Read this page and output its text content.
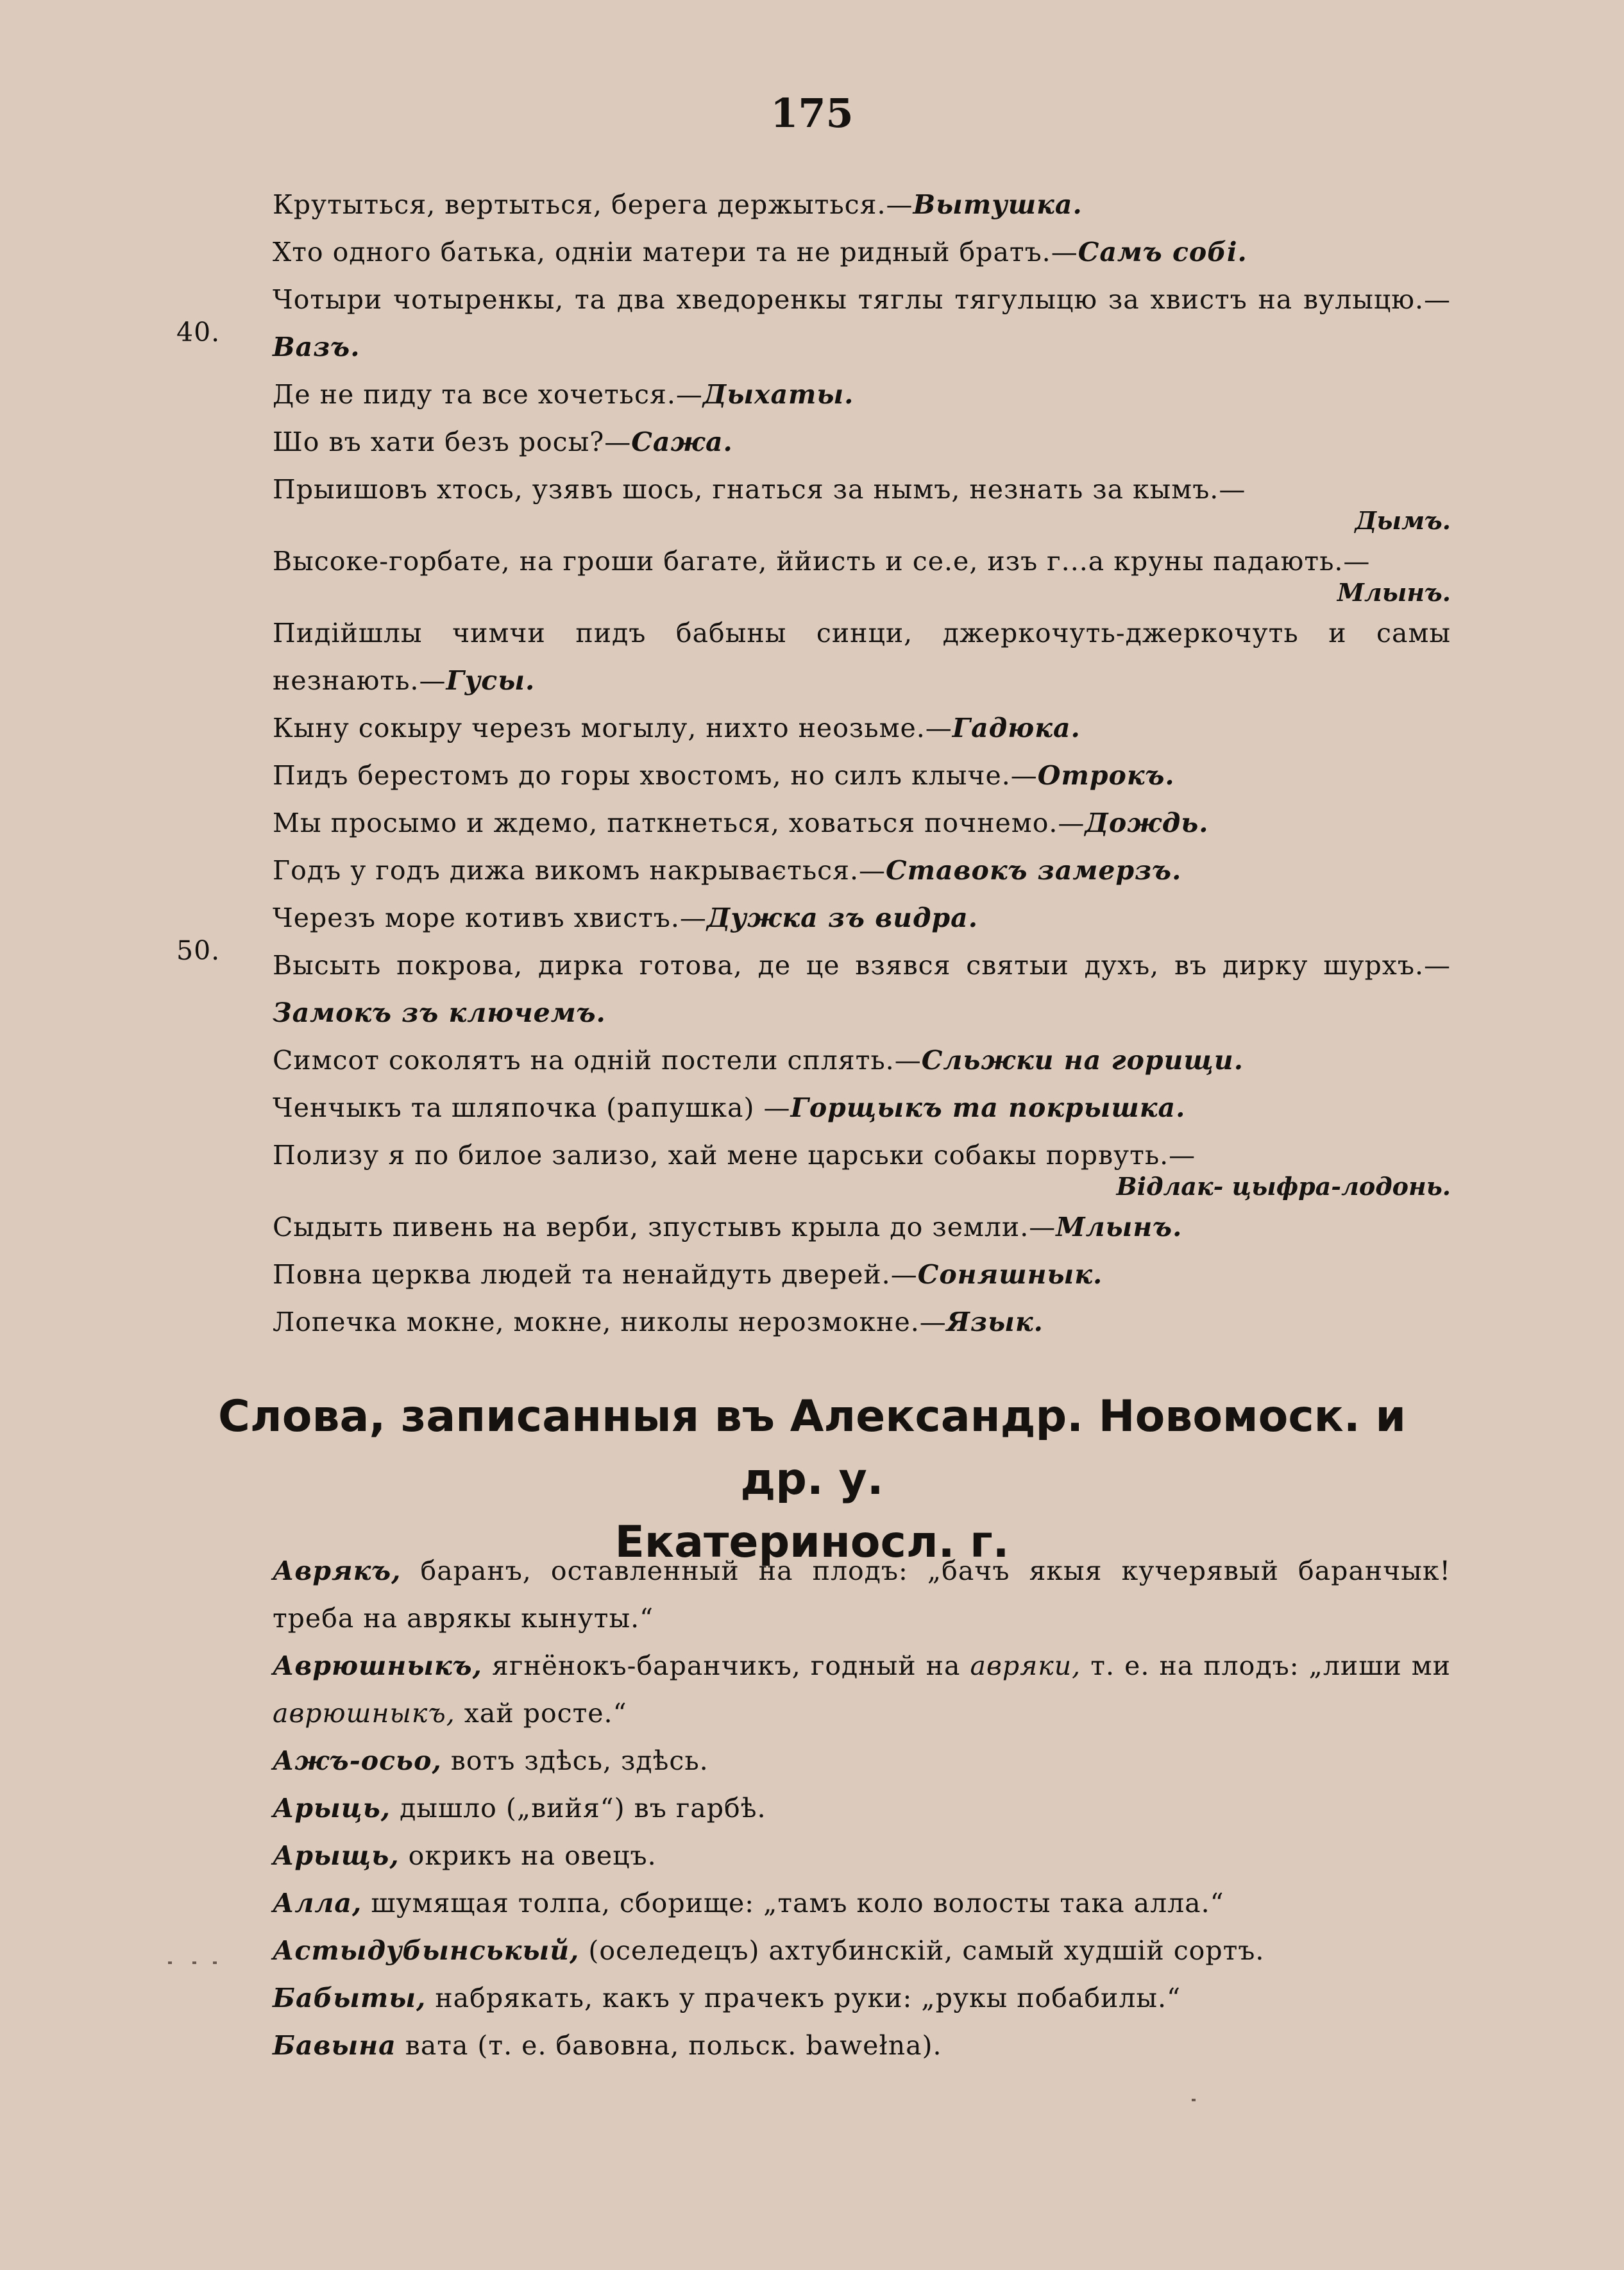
175
Крутыться, вертыться, берега держыться.—Вытушка.
Хто одного батька, одніи матери та не ридный братъ.—Самъ собі.
40.
Чотыри чотыренкы, та два хведоренкы тяглы тягулыцю за хвистъ на вулыцю.—Вазъ.
Де не пиду та все хочеться.—Дыхаты.
Шо въ хати безъ росы?—Сажа.
Прыишовъ хтось, узявъ шось, гнаться за нымъ, незнать за кымъ.—
Дымъ.
Высоке-горбате, на гроши багате, ййисть и се.е, изъ г...а круны падають.—
Млынъ.
Пидійшлы чимчи пидъ бабыны синци, джеркочуть-джеркочуть и самы незнають.—Гусы.
Кыну сокыру черезъ могылу, нихто неозьме.—Гадюка.
Пидъ берестомъ до горы хвостомъ, но силъ клыче.—Отрокъ.
Мы просымо и ждемо, паткнеться, ховаться почнемо.—Дождь.
Годъ у годъ дижа викомъ накрывається.—Ставокъ замерзъ.
50.
Черезъ море котивъ хвистъ.—Дужка зъ видра.
Высыть покрова, дирка готова, де це взявся святыи духъ, въ дирку шурхъ.—Замокъ зъ ключемъ.
Симсот соколятъ на одній постели сплять.—Сльжки на горищи.
Ченчыкъ та шляпочка (рапушка) —Горщыкъ та покрышка.
Полизу я по билое зализо, хай мене царськи собакы порвуть.—
Відлак- цыфра-лодонь.
Сыдыть пивень на верби, зпустывъ крыла до земли.—Млынъ.
Повна церква людей та ненайдуть дверей.—Соняшнык.
Лопечка мокне, мокне, николы нерозмокне.—Язык.
Слова, записанныя въ Александр. Новомоск. и др. у.
Екатериносл. г.
Аврякъ, баранъ, оставленный на плодъ: „бачъ якыя кучерявый баранчык! треба на аврякы кынуты.“
Аврюшныкъ, ягнёнокъ-баранчикъ, годный на авряки, т. е. на плодъ: „лиши ми аврюшныкъ, хай росте.“
Ажъ-осьо, вотъ здѣсь, здѣсь.
Арыць, дышло („вийя“) въ гарбѣ.
Арыщь, окрикъ на овецъ.
Алла, шумящая толпа, сборище: „тамъ коло волосты така алла.“
Астыдубынськый, (оселедецъ) ахтубинскій, самый худшій сортъ.
Бабыты, набрякать, какъ у прачекъ руки: „рукы побабилы.“
Бавына вата (т. е. бавовна, польск. bawełna).
